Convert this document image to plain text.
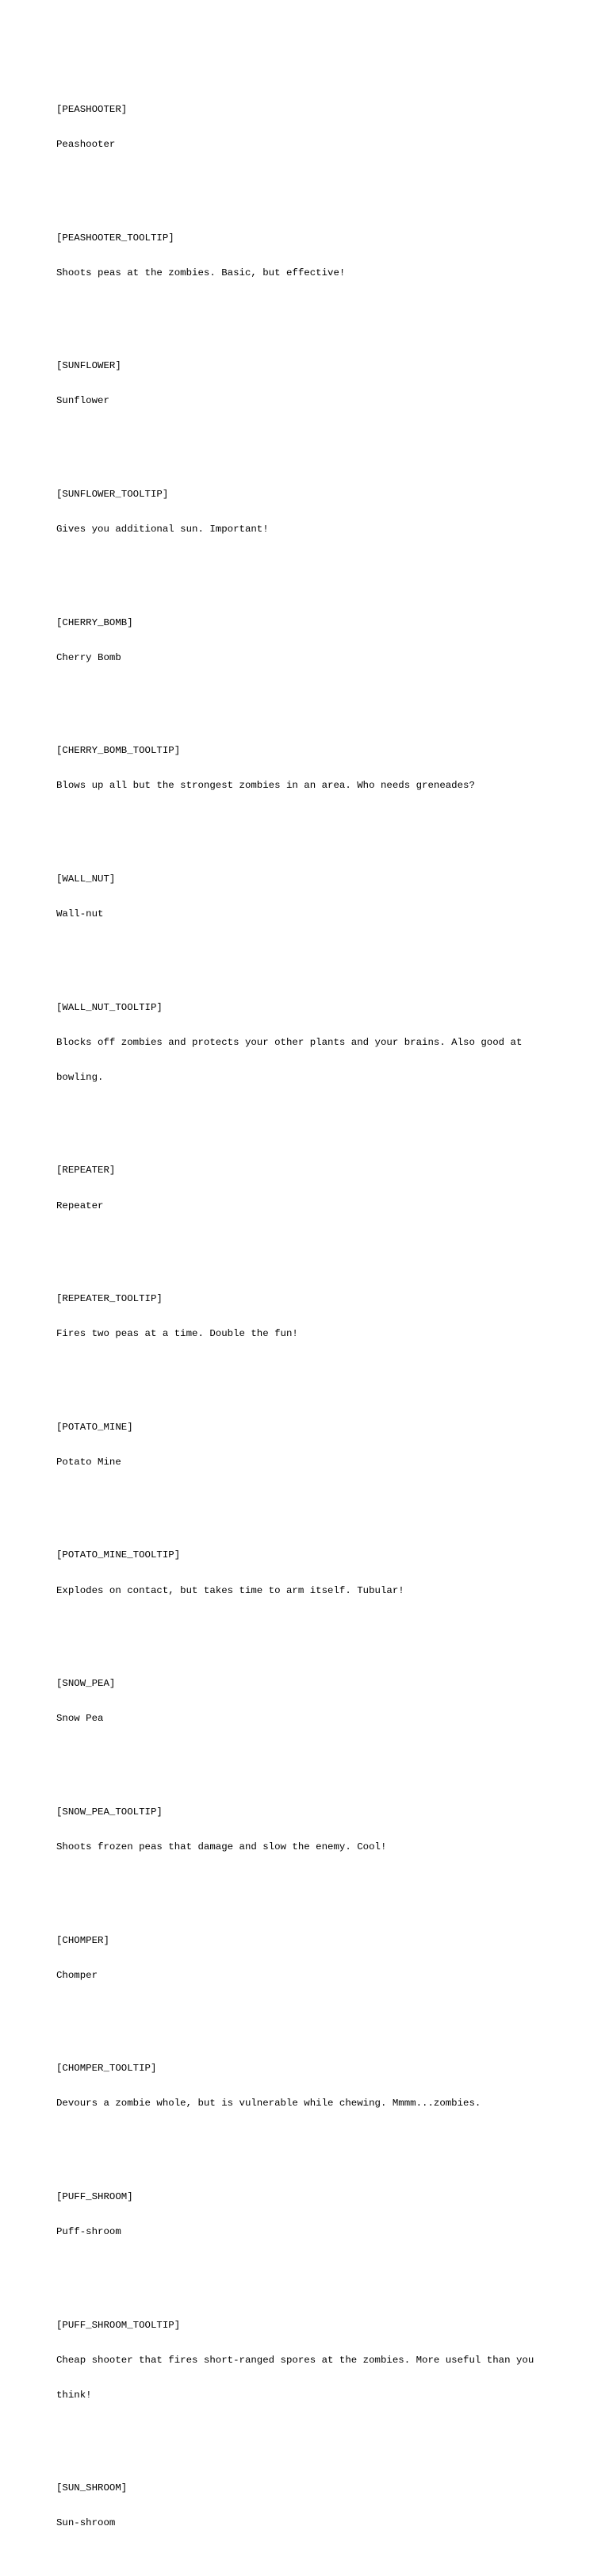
[PEASHOOTER]

Peashooter

[PEASHOOTER_TOOLTIP]

Shoots peas at the zombies. Basic, but effective!

[SUNFLOWER]

Sunflower

[SUNFLOWER_TOOLTIP]

Gives you additional sun. Important!

[CHERRY_BOMB]

Cherry Bomb

[CHERRY_BOMB_TOOLTIP]

Blows up all but the strongest zombies in an area. Who needs greneades?

[WALL_NUT]

Wall-nut

[WALL_NUT_TOOLTIP]

Blocks off zombies and protects your other plants and your brains. Also good at

bowling.

[REPEATER]

Repeater

[REPEATER_TOOLTIP]

Fires two peas at a time. Double the fun!

[POTATO_MINE]

Potato Mine

[POTATO_MINE_TOOLTIP]

Explodes on contact, but takes time to arm itself. Tubular!

[SNOW_PEA]

Snow Pea

[SNOW_PEA_TOOLTIP]

Shoots frozen peas that damage and slow the enemy. Cool!

[CHOMPER]

Chomper

[CHOMPER_TOOLTIP]

Devours a zombie whole, but is vulnerable while chewing. Mmmm...zombies.

[PUFF_SHROOM]

Puff-shroom

[PUFF_SHROOM_TOOLTIP]

Cheap shooter that fires short-ranged spores at the zombies. More useful than you

think!

[SUN_SHROOM]

Sun-shroom
